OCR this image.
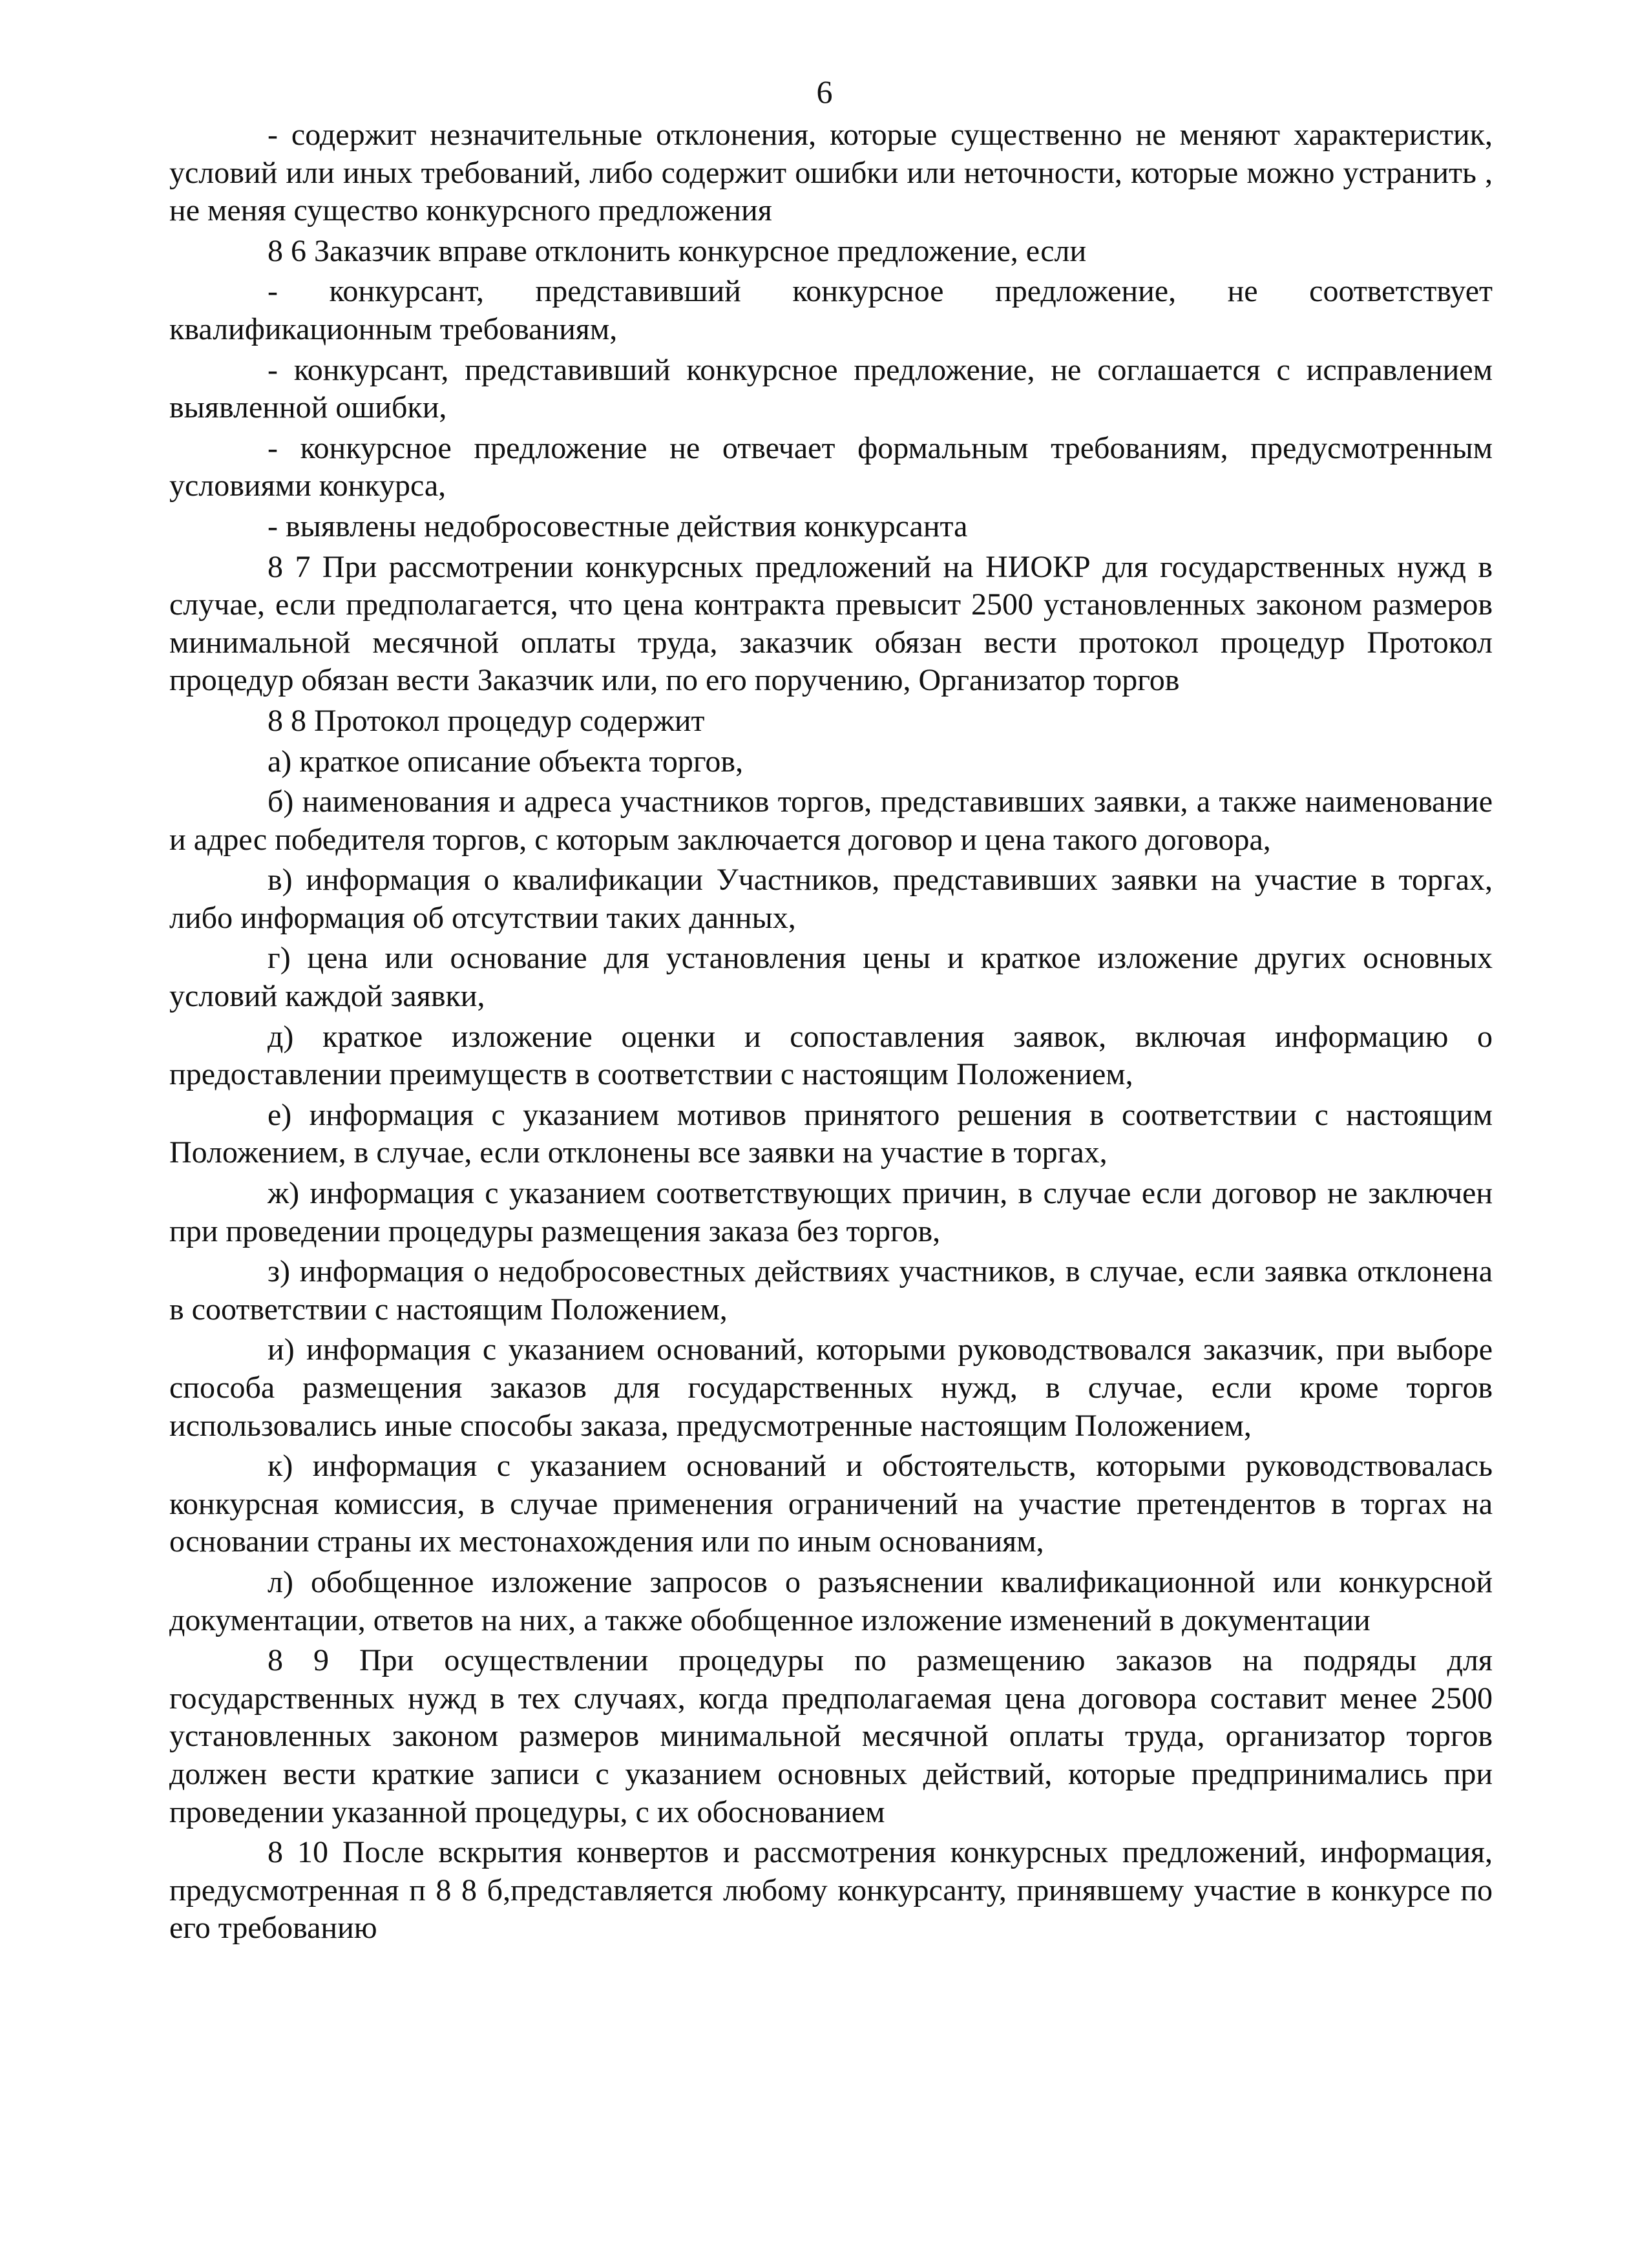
6

- содержит незначительные отклонения, которые существенно не меняют характеристик, условий или иных требований, либо содержит ошибки или неточности, которые можно устранить , не меняя существо конкурсного предложения

8 6 Заказчик вправе отклонить конкурсное предложение, если

- конкурсант, представивший конкурсное предложение, не соответствует квалификационным требованиям,

- конкурсант, представивший конкурсное предложение, не соглашается с исправлением выявленной ошибки,

- конкурсное предложение не отвечает формальным требованиям, предусмотренным условиями конкурса,

- выявлены недобросовестные действия конкурсанта

8 7 При рассмотрении конкурсных предложений на НИОКР для государственных нужд в случае, если предполагается, что цена контракта превысит 2500 установленных законом размеров минимальной месячной оплаты труда, заказчик обязан вести протокол процедур Протокол процедур обязан вести Заказчик или, по его поручению, Организатор торгов

8 8 Протокол процедур содержит

а) краткое описание объекта торгов,

б) наименования и адреса участников торгов, представивших заявки, а также наименование и адрес победителя торгов, с которым заключается договор и цена такого договора,

в) информация о квалификации Участников, представивших заявки на участие в торгах, либо информация об отсутствии таких данных,

г) цена или основание для установления цены и краткое изложение других основных условий каждой заявки,

д) краткое изложение оценки и сопоставления заявок, включая информацию о предоставлении преимуществ в соответствии с настоящим Положением,

е) информация с указанием мотивов принятого решения в соответствии с настоящим Положением, в случае, если отклонены все заявки на участие в торгах,

ж) информация с указанием соответствующих причин, в случае если договор не заключен при проведении процедуры размещения заказа без торгов,

з) информация о недобросовестных действиях участников, в случае, если заявка отклонена в соответствии с настоящим Положением,

и) информация с указанием оснований, которыми руководствовался заказчик, при выборе способа размещения заказов для государственных нужд, в случае, если кроме торгов использовались иные способы заказа, предусмотренные настоящим Положением,

к) информация с указанием оснований и обстоятельств, которыми руководствовалась конкурсная комиссия, в случае применения ограничений на участие претендентов в торгах на основании страны их местонахождения или по иным основаниям,

л) обобщенное изложение запросов о разъяснении квалификационной или конкурсной документации, ответов на них, а также обобщенное изложение изменений в документации

8 9 При осуществлении процедуры по размещению заказов на подряды для государственных нужд в тех случаях, когда предполагаемая цена договора составит менее 2500 установленных законом размеров минимальной месячной оплаты труда, организатор торгов должен вести краткие записи с указанием основных действий, которые предпринимались при проведении указанной процедуры, с их обоснованием

8 10 После вскрытия конвертов и рассмотрения конкурсных предложений, информация, предусмотренная п 8 8 б,представляется любому конкурсанту, принявшему участие в конкурсе по его требованию
